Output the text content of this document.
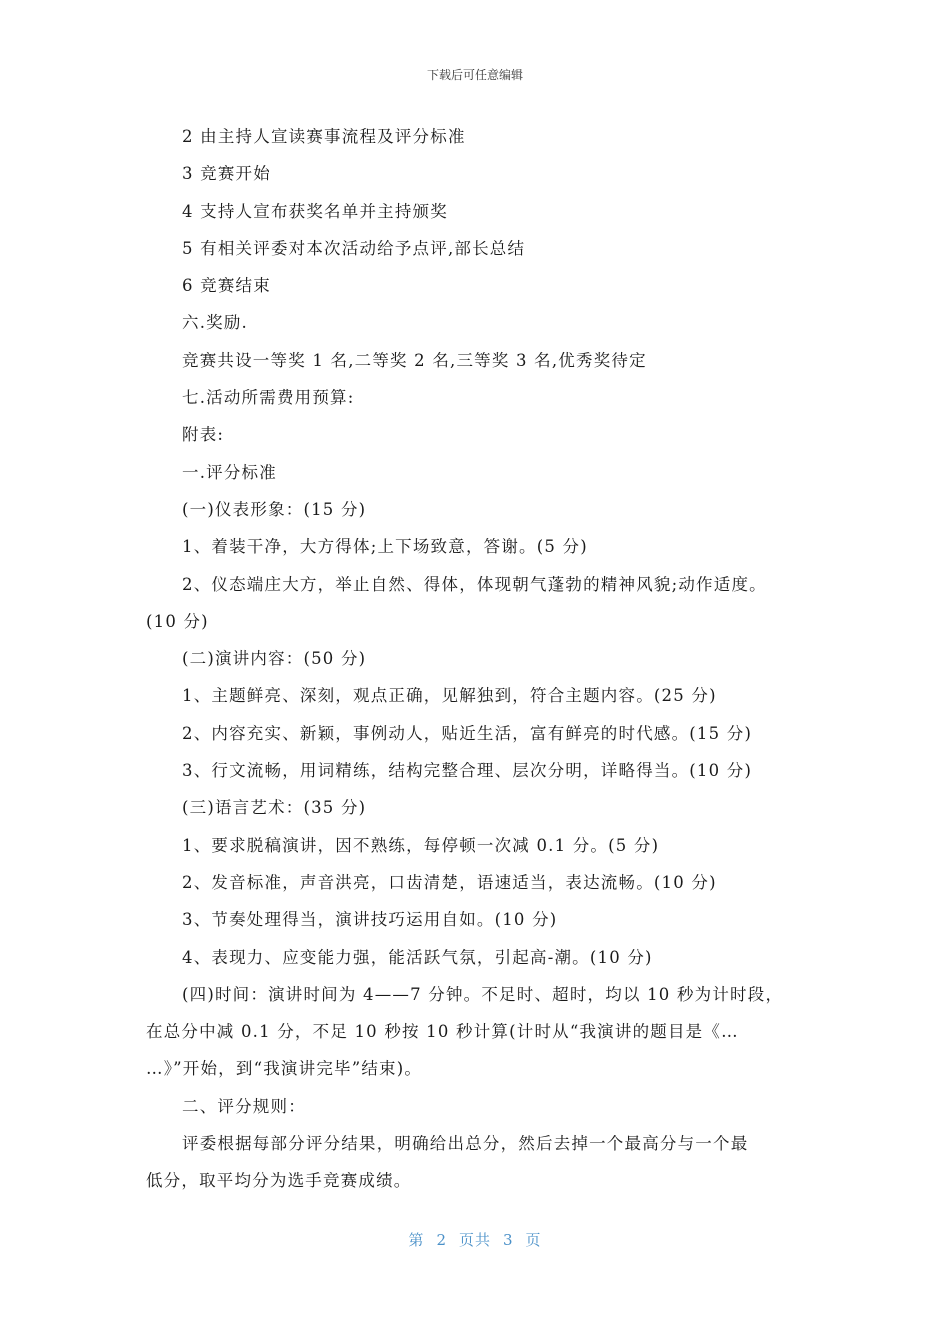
下载后可任意编辑
2 由主持人宣读赛事流程及评分标准
3 竞赛开始
4 支持人宣布获奖名单并主持颁奖
5 有相关评委对本次活动给予点评,部长总结
6 竞赛结束
六.奖励.
竞赛共设一等奖 1 名,二等奖 2 名,三等奖 3 名,优秀奖待定
七.活动所需费用预算:
附表:
一.评分标准
(一)仪表形象：(15 分)
1、着装干净，大方得体;上下场致意，答谢。(5 分)
2、仪态端庄大方，举止自然、得体，体现朝气蓬勃的精神风貌;动作适度。
(10 分)
(二)演讲内容：(50 分)
1、主题鲜亮、深刻，观点正确，见解独到，符合主题内容。(25 分)
2、内容充实、新颖，事例动人，贴近生活，富有鲜亮的时代感。(15 分)
3、行文流畅，用词精练，结构完整合理、层次分明，详略得当。(10 分)
(三)语言艺术：(35 分)
1、要求脱稿演讲，因不熟练，每停顿一次减 0.1 分。(5 分)
2、发音标准，声音洪亮，口齿清楚，语速适当，表达流畅。(10 分)
3、节奏处理得当，演讲技巧运用自如。(10 分)
4、表现力、应变能力强，能活跃气氛，引起高-潮。(10 分)
(四)时间：演讲时间为 4——7 分钟。不足时、超时，均以 10 秒为计时段，
在总分中减 0.1 分，不足 10 秒按 10 秒计算(计时从“我演讲的题目是《…
…》”开始，到“我演讲完毕”结束)。
二、评分规则：
评委根据每部分评分结果，明确给出总分，然后去掉一个最高分与一个最
低分，取平均分为选手竞赛成绩。
第 2 页共 3 页
